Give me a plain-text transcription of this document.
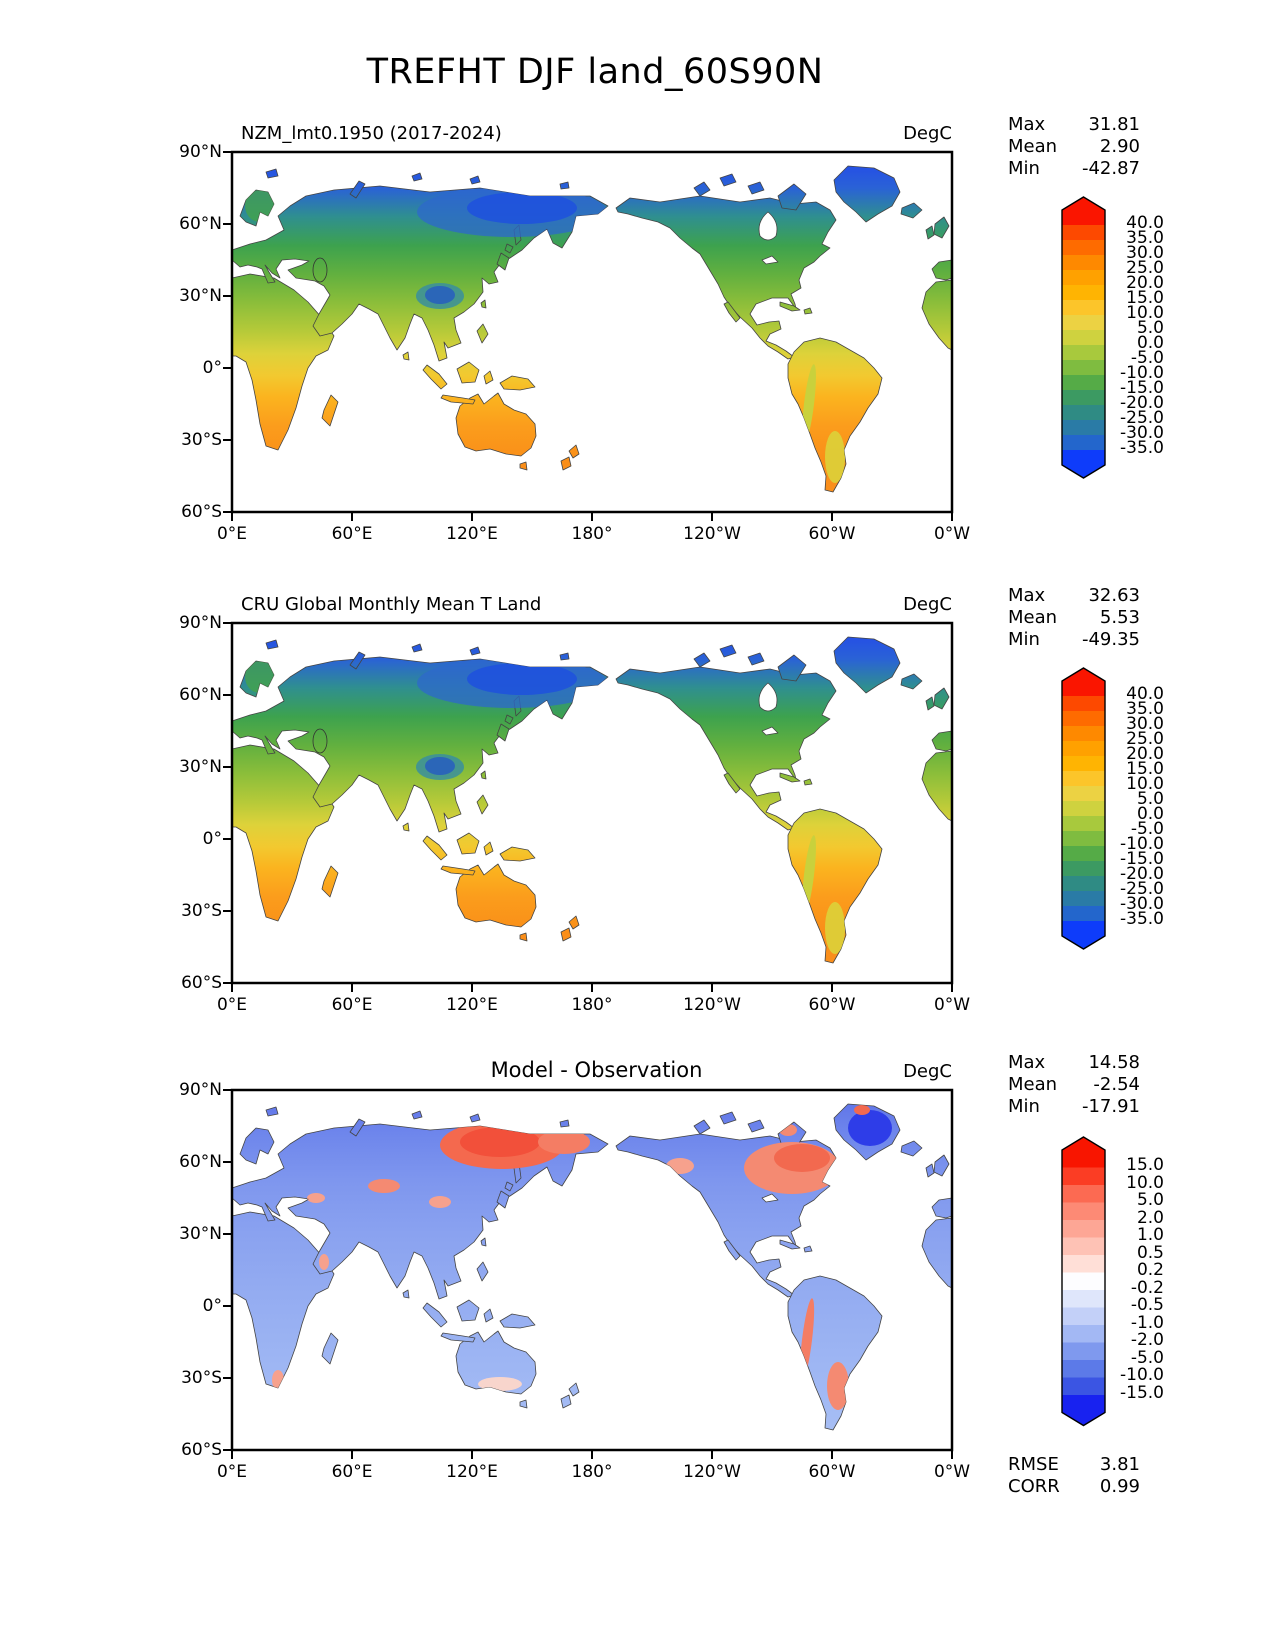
TREFHT DJF land_60S90N
NZM_lmt0.1950 (2017-2024)	DegC	Max 31.81
Mean 2.90
Min -42.87
90°N
60°N
30°N
0°
30°S
60°S
0°E	60°E	120°E	180°	120°W	60°W	0°W
40.0
35.0
30.0
25.0
20.0
15.0
10.0
5.0
0.0
-5.0
-10.0
-15.0
-20.0
-25.0
-30.0
-35.0
CRU Global Monthly Mean T Land	DegC	Max 32.63
Mean 5.53
Min -49.35
90°N
60°N
30°N
0°
30°S
60°S
0°E	60°E	120°E	180°	120°W	60°W	0°W
40.0
35.0
30.0
25.0
20.0
15.0
10.0
5.0
0.0
-5.0
-10.0
-15.0
-20.0
-25.0
-30.0
-35.0
Model - Observation	DegC	Max 14.58
Mean -2.54
Min -17.91
90°N
60°N
30°N
0°
30°S
60°S
0°E	60°E	120°E	180°	120°W	60°W	0°W
15.0
10.0
5.0
2.0
1.0
0.5
0.2
-0.2
-0.5
-1.0
-2.0
-5.0
-10.0
-15.0
RMSE 3.81
CORR 0.99
